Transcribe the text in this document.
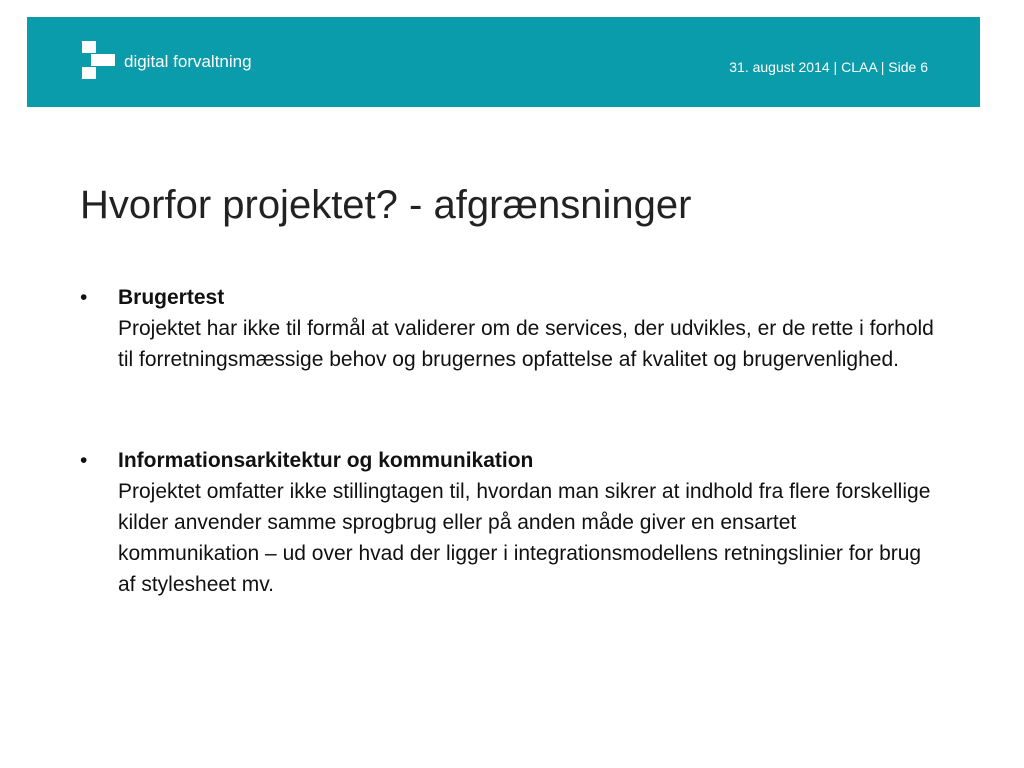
digital forvaltning	31. august 2014 | CLAA | Side 6
Hvorfor projektet? - afgrænsninger
• Brugertest
Projektet har ikke til formål at validerer om de services, der udvikles, er de rette i forhold til forretningsmæssige behov og brugernes opfattelse af kvalitet og brugervenlighed.
• Informationsarkitektur og kommunikation
Projektet omfatter ikke stillingtagen til, hvordan man sikrer at indhold fra flere forskellige kilder anvender samme sprogbrug eller på anden måde giver en ensartet kommunikation – ud over hvad der ligger i integrationsmodellens retningslinier for brug af stylesheet mv.
